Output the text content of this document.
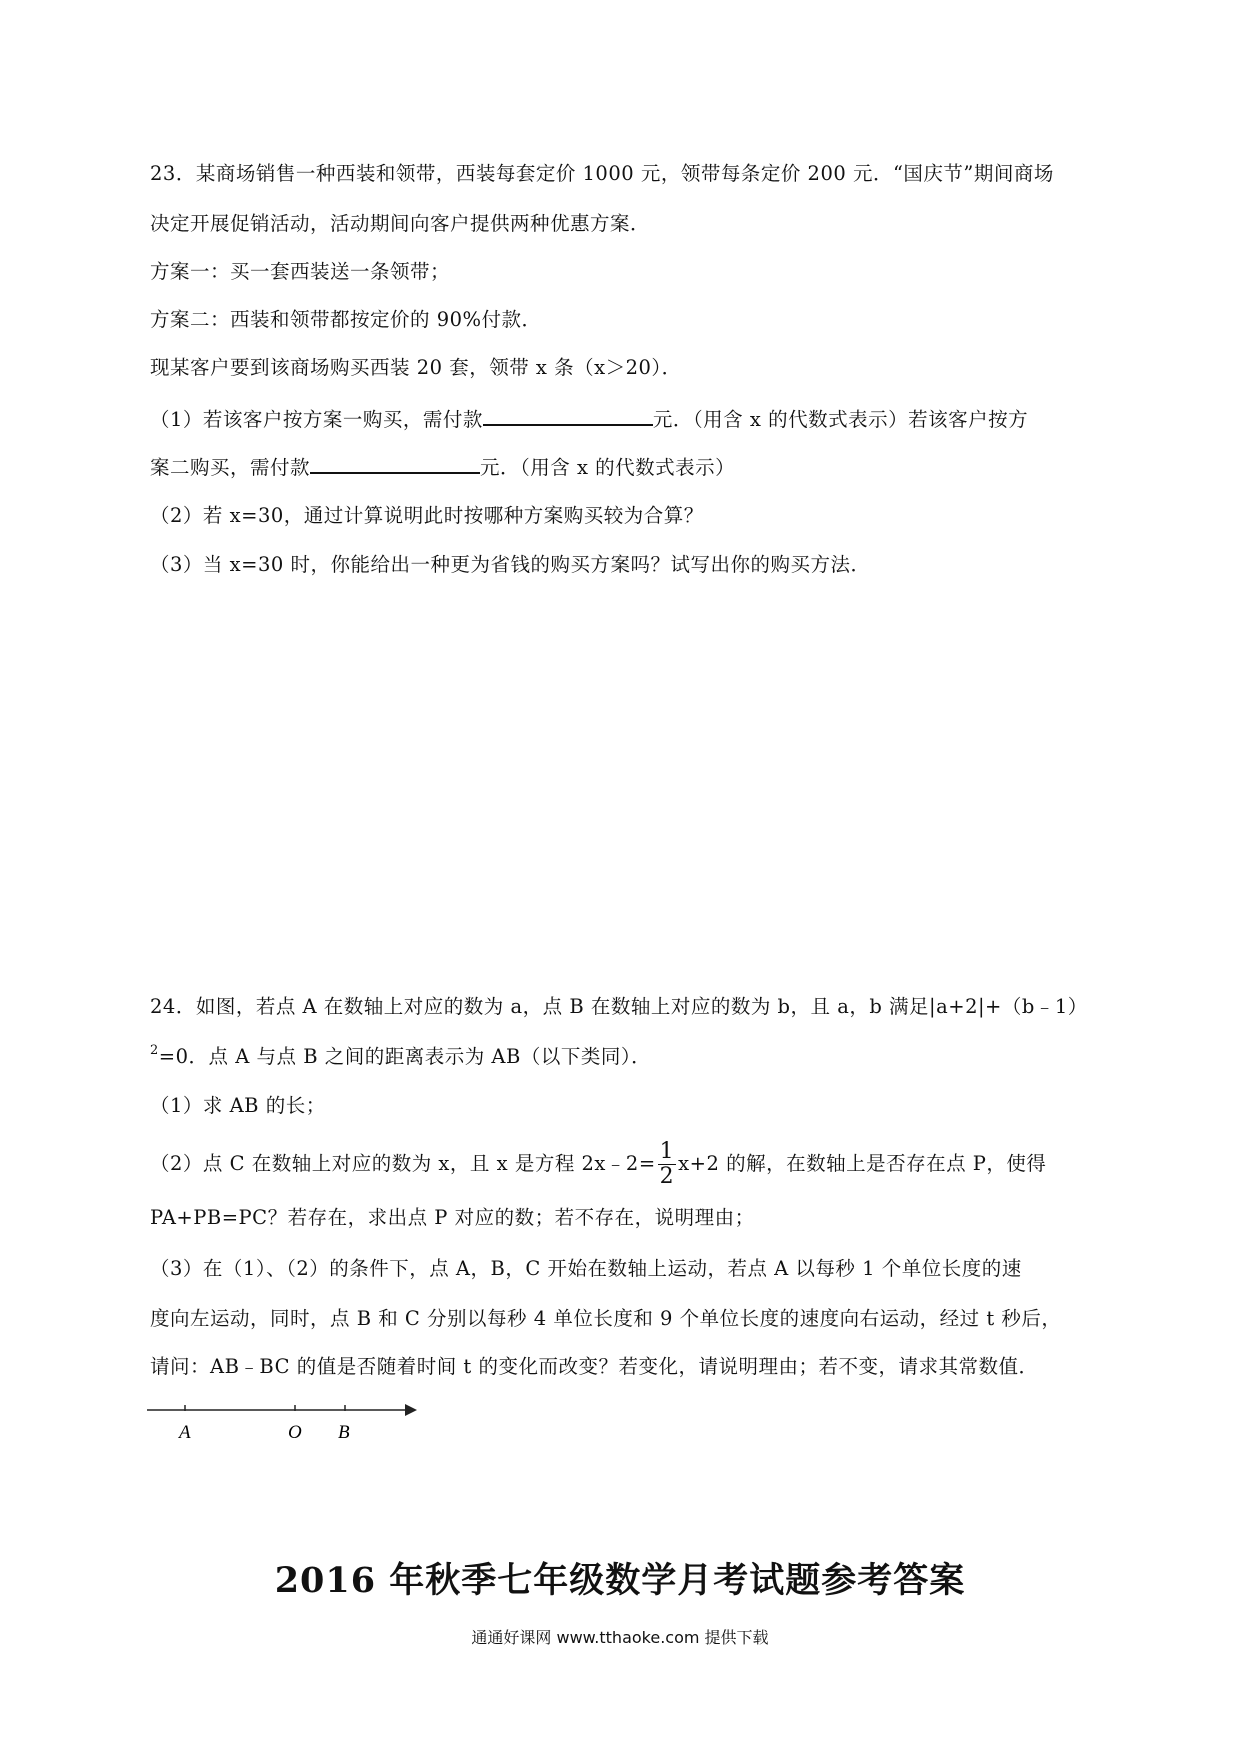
23．某商场销售一种西装和领带，西装每套定价 1000 元，领带每条定价 200 元．“国庆节”期间商场
决定开展促销活动，活动期间向客户提供两种优惠方案．
方案一：买一套西装送一条领带；
方案二：西装和领带都按定价的 90%付款．
现某客户要到该商场购买西装 20 套，领带 x 条（x＞20）．
（1）若该客户按方案一购买，需付款	元．（用含 x 的代数式表示）若该客户按方
案二购买，需付款	元．（用含 x 的代数式表示）
（2）若 x=30，通过计算说明此时按哪种方案购买较为合算？
（3）当 x=30 时，你能给出一种更为省钱的购买方案吗？试写出你的购买方法．
24．如图，若点 A 在数轴上对应的数为 a，点 B 在数轴上对应的数为 b，且 a，b 满足|a+2|+（b﹣1）
$^2$=0．点 A 与点 B 之间的距离表示为 AB（以下类同）．
（1）求 AB 的长；
（2）点 C 在数轴上对应的数为 x，且 x 是方程 2x﹣2= $\frac{1}{2} x+2$ 的解，在数轴上是否存在点 P，使得
PA+PB=PC？若存在，求出点 P 对应的数；若不存在，说明理由；
（3）在（1）、（2）的条件下，点 A，B，C 开始在数轴上运动，若点 A 以每秒 1 个单位长度的速
度向左运动，同时，点 B 和 C 分别以每秒 4 单位长度和 9 个单位长度的速度向右运动，经过 t 秒后，
请问：AB﹣BC 的值是否随着时间 t 的变化而改变？若变化，请说明理由；若不变，请求其常数值．
A	O B
2016 年秋季七年级数学月考试题参考答案
通通好课网 www.tthaoke.com 提供下载
